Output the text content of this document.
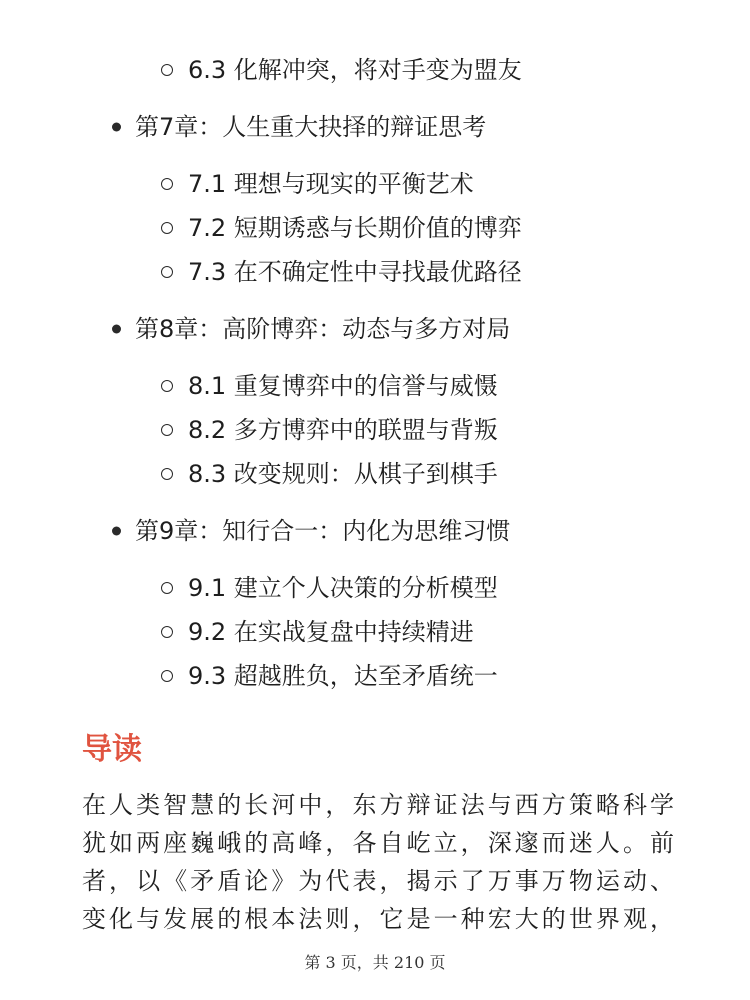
6.3 化解冲突，将对手变为盟友
第7章：人生重大抉择的辩证思考
7.1 理想与现实的平衡艺术
7.2 短期诱惑与长期价值的博弈
7.3 在不确定性中寻找最优路径
第8章：高阶博弈：动态与多方对局
8.1 重复博弈中的信誉与威慑
8.2 多方博弈中的联盟与背叛
8.3 改变规则：从棋子到棋手
第9章：知行合一：内化为思维习惯
9.1 建立个人决策的分析模型
9.2 在实战复盘中持续精进
9.3 超越胜负，达至矛盾统一
导读

在人类智慧的长河中，东方辩证法与西方策略科学
犹如两座巍峨的高峰，各自屹立，深邃而迷人。前
者，以《矛盾论》为代表，揭示了万事万物运动、
变化与发展的根本法则，它是一种宏大的世界观，

第 3 页，共 210 页
